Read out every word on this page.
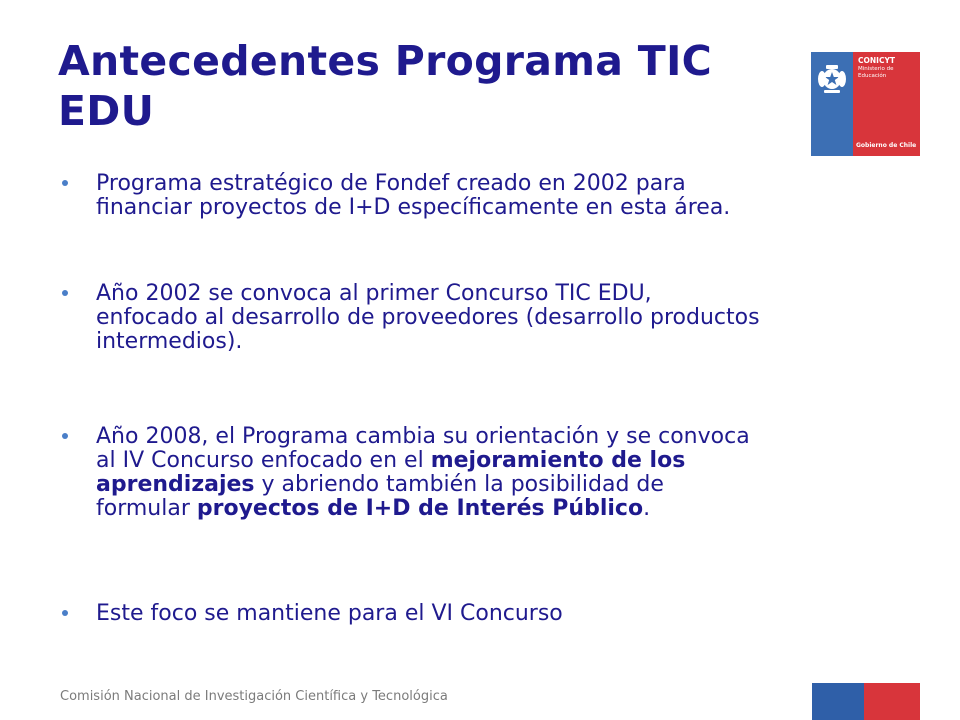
Antecedentes Programa TIC
EDU
CONICYT
Ministerio de
Educación
Gobierno de Chile
Programa estratégico de Fondef creado en 2002 para
financiar proyectos de I+D específicamente en esta área.
Año 2002 se convoca al primer Concurso TIC EDU,
enfocado al desarrollo de proveedores (desarrollo productos
intermedios).
Año 2008, el Programa cambia su orientación y se convoca
al IV Concurso enfocado en el mejoramiento de los
aprendizajes y abriendo también la posibilidad de
formular proyectos de I+D de Interés Público.
Este foco se mantiene para el VI Concurso
Comisión Nacional de Investigación Científica y Tecnológica
